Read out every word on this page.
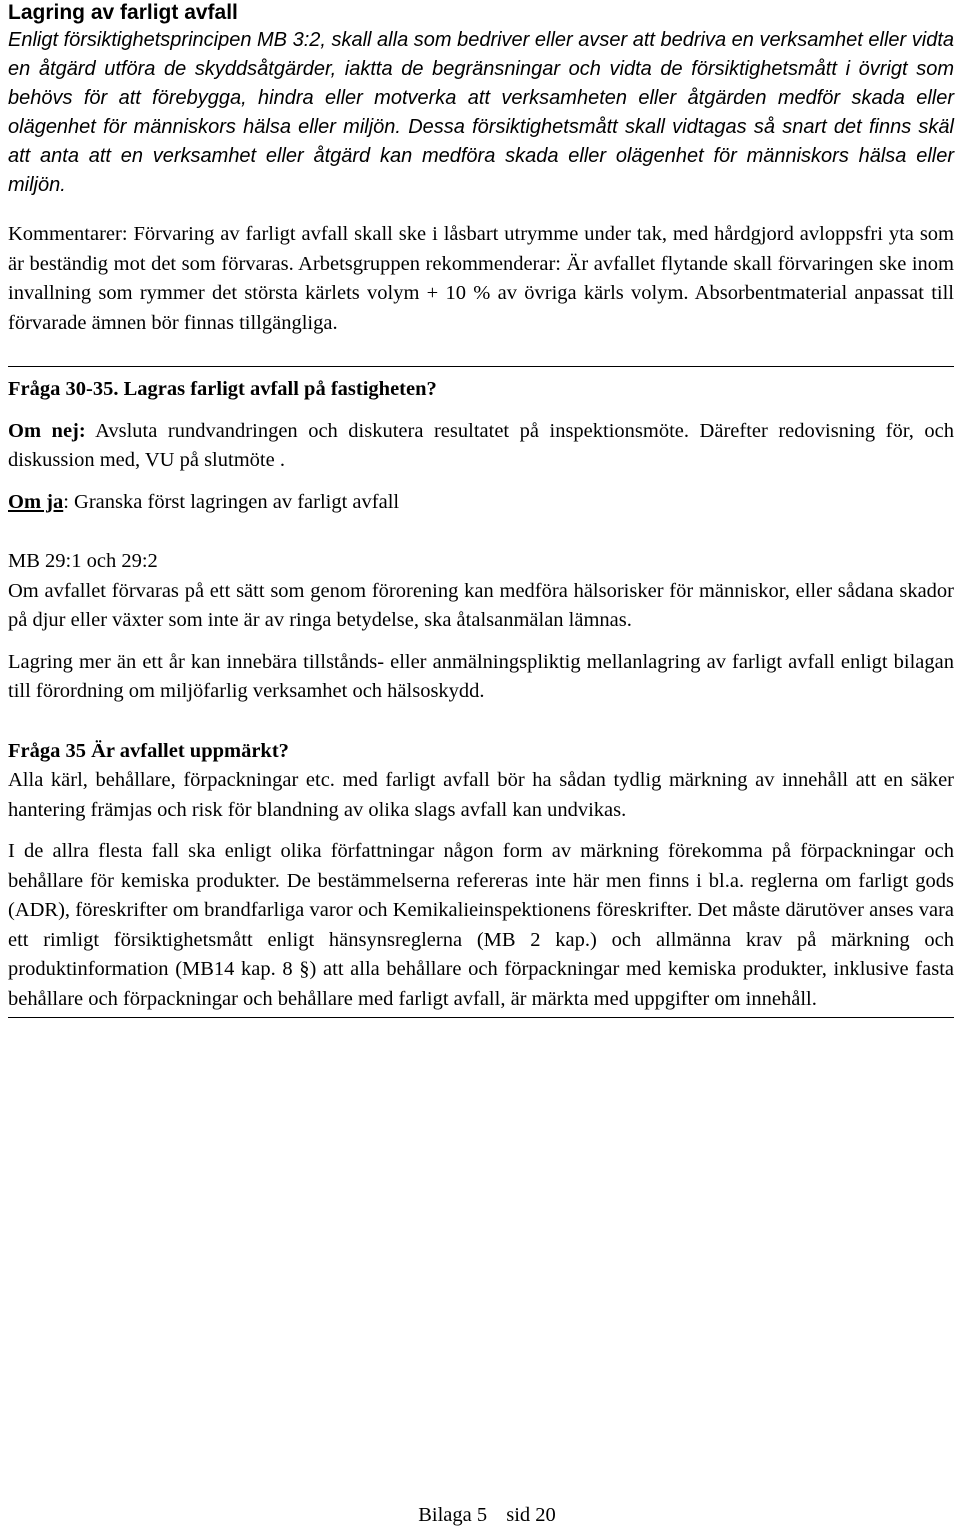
Lagring av farligt avfall

Enligt försiktighetsprincipen MB 3:2, skall alla som bedriver eller avser att bedriva en verksamhet eller vidta en åtgärd utföra de skyddsåtgärder, iaktta de begränsningar och vidta de försiktighetsmått i övrigt som behövs för att förebygga, hindra eller motverka att verksamheten eller åtgärden medför skada eller olägenhet för människors hälsa eller miljön. Dessa försiktighetsmått skall vidtagas så snart det finns skäl att anta att en verksamhet eller åtgärd kan medföra skada eller olägenhet för människors hälsa eller miljön.

Kommentarer: Förvaring av farligt avfall skall ske i låsbart utrymme under tak, med hårdgjord avloppsfri yta som är beständig mot det som förvaras. Arbetsgruppen rekommenderar: Är avfallet flytande skall förvaringen ske inom invallning som rymmer det största kärlets volym + 10 % av övriga kärls volym. Absorbentmaterial anpassat till förvarade ämnen bör finnas tillgängliga.

Fråga 30-35. Lagras farligt avfall på fastigheten?

Om nej: Avsluta rundvandringen och diskutera resultatet på inspektionsmöte. Därefter redovisning för, och diskussion med, VU på slutmöte .

Om ja: Granska först lagringen av farligt avfall

MB 29:1 och 29:2

Om avfallet förvaras på ett sätt som genom förorening kan medföra hälsorisker för människor, eller sådana skador på djur eller växter som inte är av ringa betydelse, ska åtalsanmälan lämnas.

Lagring mer än ett år kan innebära tillstånds- eller anmälningspliktig mellanlagring av farligt avfall enligt bilagan till förordning om miljöfarlig verksamhet och hälsoskydd.

Fråga 35 Är avfallet uppmärkt?

Alla kärl, behållare, förpackningar etc. med farligt avfall bör ha sådan tydlig märkning av innehåll att en säker hantering främjas och risk för blandning av olika slags avfall kan undvikas.

I de allra flesta fall ska enligt olika författningar någon form av märkning förekomma på förpackningar och behållare för kemiska produkter. De bestämmelserna refereras inte här men finns i bl.a. reglerna om farligt gods (ADR), föreskrifter om brandfarliga varor och Kemikalieinspektionens föreskrifter. Det måste därutöver anses vara ett rimligt försiktighetsmått enligt hänsynsreglerna (MB 2 kap.) och allmänna krav på märkning och produktinformation (MB14 kap. 8 §) att alla behållare och förpackningar med kemiska produkter, inklusive fasta behållare och förpackningar och behållare med farligt avfall, är märkta med uppgifter om innehåll.

Bilaga 5 sid 20
